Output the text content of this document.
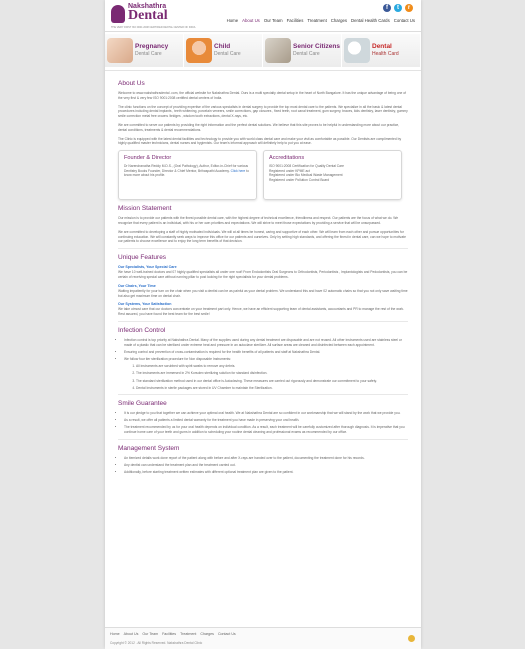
Nakshathra
Dental
THE VERY FIRST ISO 9001:2008 CERTIFIED DENTAL CENTER OF INDIA
f	t	r
Home About Us Our Team Facilities Treatment Charges Dental Health Cards Contact Us
Pregnancy
Dental Care
Child
Dental Care
Senior Citizens
Dental Care
Dental
Health Card
About Us

Welcome to www.nakshathradental .com, the official website for Nakshathra Dental. Ours is a multi specialty dental setup in the heart of North Bangalore. It has the unique advantage of being one of the very first & very few ISO 9001:2008 certified dental centers of India.

The clinic functions on the concept of providing expertise of the various specialists in dental surgery to provide the top most dental care to the patients. We specialize in all the basic & latest dental procedures including dental implants , teeth whitening, porcelain veneers, smile corrections, gap closures , fixed teeth, root canal treatment, gum surgery, braces, kids dentistry, laser dentistry, gummy smile correction metal free crowns /bridges , wisdom tooth extractions, dental X-rays, etc.

We are committed to serve our patients by providing the right information and the perfect dental solutions. We believe that this site proves to be helpful in understanding more about our practice, dental conditions, treatments & dental recommendations.

The Clinic is equipped with the latest dental facilities and technology to provide you with world class dental care and make your visit as comfortable as possible. Our Dentists are complimented by highly qualified master technicians, dental nurses and hygienists. Our team's informal approach will definitely help to put you at ease.

Founder & Director
Dr Narendranatha Reddy M.D.S., (Oral Pathology), Author, Editor-in-Chief for various Dentistry Books Founder, Director & Chief Mentor, Brihaspathi Academy. Click here to know more about his profile.
Accreditations
ISO 9001:2008 Certification for Quality Dental Care
Registered under KPME act
Registered under Bio Medical Waste Management
Registered under Pollution Control Board
Mission Statement

Our mission is to provide our patients with the finest possible dental care, with the highest degree of technical excellence, friendliness and respect. Our patients are the focus of what we do. We recognize that every patient is an individual, with his or her own priorities and expectations. We will strive to meet those expectations by providing a service that will be unsurpassed.

We are committed to developing a staff of highly motivated individuals. We will at all times be honest, caring and supportive of each other. We will learn from each other and pursue opportunities for continuing education. We will constantly seek ways to improve this office for our patients and ourselves. Only by setting high standards, and offering the finest in dental care, can we hope to motivate our patients to choose excellence and to enjoy the long term benefits of that decision.

Unique Features
Our Specialists, Your Special Care

We have 10 well-trained doctors and 07 highly qualified specialists all under one roof! From Endodontists Oral Surgeons to Orthodontists, Periodontists , Implantologists and Pedodontists, you can be certain of receiving special care without running pillar to post looking for the right specialists for your dental problems.

Our Chairs, Your Time

Waiting impatiently for your turn on the chair when you visit a dentist can be as painful as your dental problem. We understand this and have 02 automatic chairs so that you not only save waiting time but also get maximum time on dental chair.

Our Systems, Your Satisfaction

We take utmost care that our doctors concentrate on your treatment part only. Hence, we have an efficient supporting team of dental assistants, accountants and PR to manage the rest of the work. Rest assured, you have found the best team for the best smile!

Infection Control
• Infection control is top priority at Nakshathra Dental. Many of the supplies used during any dental treatment are disposable and are not reused. All other instruments used are stainless steel or made of a plastic that can be sterilized under extreme heat and pressure in an autoclave sterilizer. All surface areas are cleaned and disinfected between each appointment.
• Ensuring control and prevention of cross-contamination is required for the health benefits of all patients and staff at Nakshathra Dental.
• We follow four tier sterilization procedure for Non disposable Instruments:
1. All instruments are scrubbed with spirit swabs to remove any debris.
2. The instruments are immersed in 2% Korsolex sterilizing solution for standard disinfection.
3. The standard sterilization method used in our dental office is Autoclaving. These measures are carried out rigorously and demonstrate our commitment to your safety.
4. Dental Instruments in sterile packages are stored in UV Chamber to maintain the Sterilization.
Smile Guarantee
• It is our pledge to you that together we can achieve your optimal oral health. We at Nakshathra Dental are so confident in our workmanship that we will stand by the work that we provide you.
• As a result, we offer all patients a limited dental warranty for the treatment you have made in preserving your oral health.
• The treatment recommended by us for your oral health depends on individual condition. As a result, each treatment will be carefully customized after thorough diagnosis. It is imperative that you continue home care of your teeth and gums in addition to scheduling your routine dental cleaning and professional exams as recommended by our office.
Management System
• An itemized details work done report of the patient along with before and after X-rays are handed over to the patient, documenting the treatment done for his records.
• Any dentist can understand the treatment plan and the treatment carried out.
• Additionally, before starting treatment written estimates with different optional treatment plan are given to the patient.
Home About Us Our Team Facilities Treatment Charges Contact Us
Copyright © 2012 . All Rights Reserved. Nakshathra Dental Clinic
